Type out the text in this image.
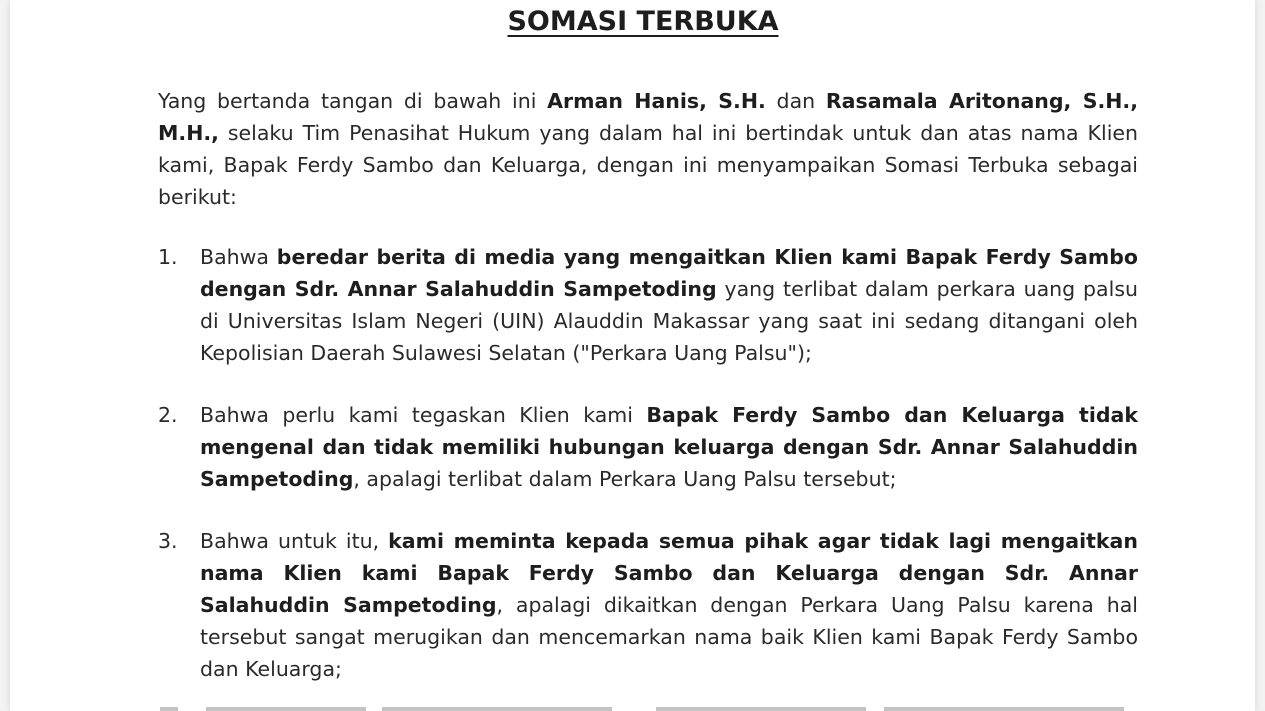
SOMASI TERBUKA

Yang bertanda tangan di bawah ini Arman Hanis, S.H. dan Rasamala Aritonang, S.H., M.H., selaku Tim Penasihat Hukum yang dalam hal ini bertindak untuk dan atas nama Klien kami, Bapak Ferdy Sambo dan Keluarga, dengan ini menyampaikan Somasi Terbuka sebagai berikut:

1. Bahwa beredar berita di media yang mengaitkan Klien kami Bapak Ferdy Sambo dengan Sdr. Annar Salahuddin Sampetoding yang terlibat dalam perkara uang palsu di Universitas Islam Negeri (UIN) Alauddin Makassar yang saat ini sedang ditangani oleh Kepolisian Daerah Sulawesi Selatan ("Perkara Uang Palsu");
2. Bahwa perlu kami tegaskan Klien kami Bapak Ferdy Sambo dan Keluarga tidak mengenal dan tidak memiliki hubungan keluarga dengan Sdr. Annar Salahuddin Sampetoding, apalagi terlibat dalam Perkara Uang Palsu tersebut;
3. Bahwa untuk itu, kami meminta kepada semua pihak agar tidak lagi mengaitkan nama Klien kami Bapak Ferdy Sambo dan Keluarga dengan Sdr. Annar Salahuddin Sampetoding, apalagi dikaitkan dengan Perkara Uang Palsu karena hal tersebut sangat merugikan dan mencemarkan nama baik Klien kami Bapak Ferdy Sambo dan Keluarga;
